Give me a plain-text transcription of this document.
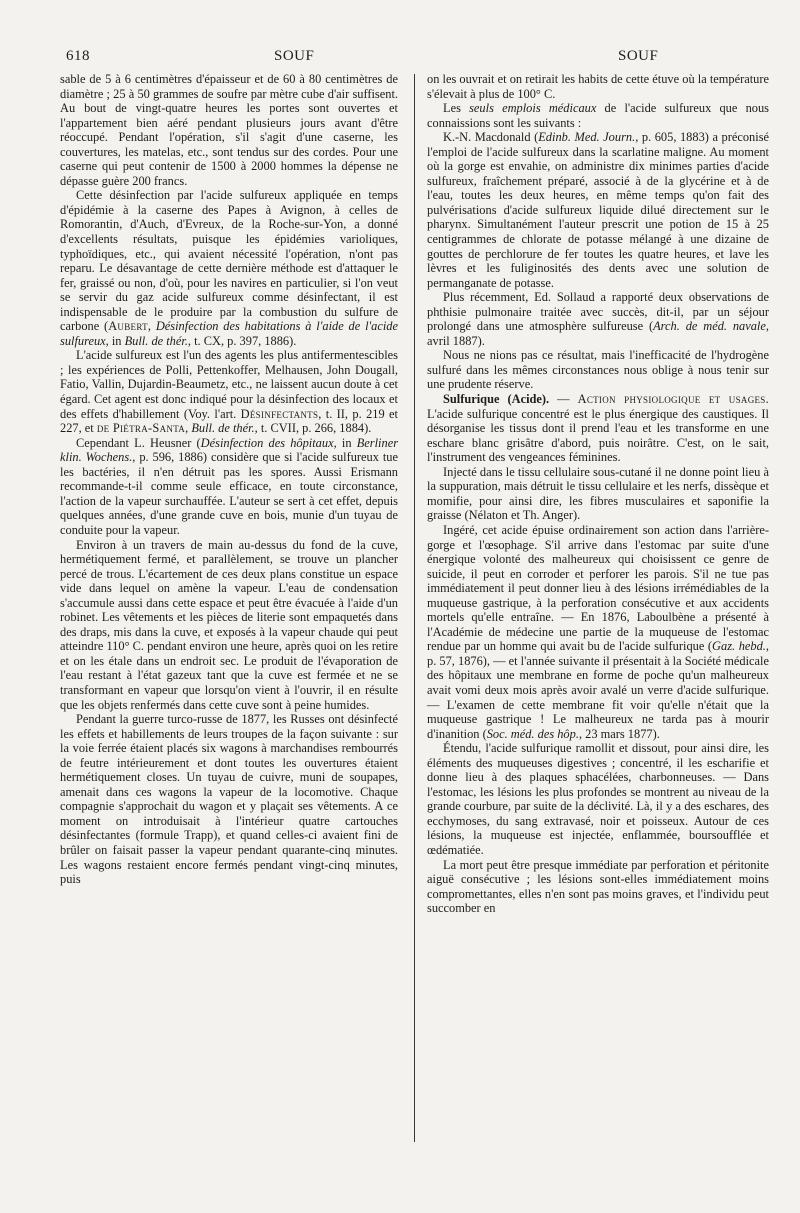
618	SOUF	SOUF

sable de 5 à 6 centimètres d'épaisseur et de 60 à 80 centimètres de diamètre ; 25 à 50 grammes de soufre par mètre cube d'air suffisent. Au bout de vingt-quatre heures les portes sont ouvertes et l'appartement bien aéré pendant plusieurs jours avant d'être réoccupé. Pendant l'opération, s'il s'agit d'une caserne, les couvertures, les matelas, etc., sont tendus sur des cordes. Pour une caserne qui peut contenir de 1500 à 2000 hommes la dépense ne dépasse guère 200 francs.

Cette désinfection par l'acide sulfureux appliquée en temps d'épidémie à la caserne des Papes à Avignon, à celles de Romorantin, d'Auch, d'Evreux, de la Roche-sur-Yon, a donné d'excellents résultats, puisque les épidémies varioliques, typhoïdiques, etc., qui avaient nécessité l'opération, n'ont pas reparu. Le désavantage de cette dernière méthode est d'attaquer le fer, graissé ou non, d'où, pour les navires en particulier, si l'on veut se servir du gaz acide sulfureux comme désinfectant, il est indispensable de le produire par la combustion du sulfure de carbone (Aubert, Désinfection des habitations à l'aide de l'acide sulfureux, in Bull. de thér., t. CX, p. 397, 1886).

L'acide sulfureux est l'un des agents les plus antifermentescibles ; les expériences de Polli, Pettenkoffer, Melhausen, John Dougall, Fatio, Vallin, Dujardin-Beaumetz, etc., ne laissent aucun doute à cet égard. Cet agent est donc indiqué pour la désinfection des locaux et des effets d'habillement (Voy. l'art. Désinfectants, t. II, p. 219 et 227, et de Piétra-Santa, Bull. de thér., t. CVII, p. 266, 1884).

Cependant L. Heusner (Désinfection des hôpitaux, in Berliner klin. Wochens., p. 596, 1886) considère que si l'acide sulfureux tue les bactéries, il n'en détruit pas les spores. Aussi Erismann recommande-t-il comme seule efficace, en toute circonstance, l'action de la vapeur surchauffée. L'auteur se sert à cet effet, depuis quelques années, d'une grande cuve en bois, munie d'un tuyau de conduite pour la vapeur.

Environ à un travers de main au-dessus du fond de la cuve, hermétiquement fermé, et parallèlement, se trouve un plancher percé de trous. L'écartement de ces deux plans constitue un espace vide dans lequel on amène la vapeur. L'eau de condensation s'accumule aussi dans cette espace et peut être évacuée à l'aide d'un robinet. Les vêtements et les pièces de literie sont empaquetés dans des draps, mis dans la cuve, et exposés à la vapeur chaude qui peut atteindre 110° C. pendant environ une heure, après quoi on les retire et on les étale dans un endroit sec. Le produit de l'évaporation de l'eau restant à l'état gazeux tant que la cuve est fermée et ne se transformant en vapeur que lorsqu'on vient à l'ouvrir, il en résulte que les objets renfermés dans cette cuve sont à peine humides.

Pendant la guerre turco-russe de 1877, les Russes ont désinfecté les effets et habillements de leurs troupes de la façon suivante : sur la voie ferrée étaient placés six wagons à marchandises rembourrés de feutre intérieurement et dont toutes les ouvertures étaient hermétiquement closes. Un tuyau de cuivre, muni de soupapes, amenait dans ces wagons la vapeur de la locomotive. Chaque compagnie s'approchait du wagon et y plaçait ses vêtements. A ce moment on introduisait à l'intérieur quatre cartouches désinfectantes (formule Trapp), et quand celles-ci avaient fini de brûler on faisait passer la vapeur pendant quarante-cinq minutes. Les wagons restaient encore fermés pendant vingt-cinq minutes, puis

on les ouvrait et on retirait les habits de cette étuve où la température s'élevait à plus de 100° C.

Les seuls emplois médicaux de l'acide sulfureux que nous connaissions sont les suivants :

K.-N. Macdonald (Edinb. Med. Journ., p. 605, 1883) a préconisé l'emploi de l'acide sulfureux dans la scarlatine maligne. Au moment où la gorge est envahie, on administre dix minimes parties d'acide sulfureux, fraîchement préparé, associé à de la glycérine et à de l'eau, toutes les deux heures, en même temps qu'on fait des pulvérisations d'acide sulfureux liquide dilué directement sur le pharynx. Simultanément l'auteur prescrit une potion de 15 à 25 centigrammes de chlorate de potasse mélangé à une dizaine de gouttes de perchlorure de fer toutes les quatre heures, et lave les lèvres et les fuliginosités des dents avec une solution de permanganate de potasse.

Plus récemment, Ed. Sollaud a rapporté deux observations de phthisie pulmonaire traitée avec succès, dit-il, par un séjour prolongé dans une atmosphère sulfureuse (Arch. de méd. navale, avril 1887).

Nous ne nions pas ce résultat, mais l'inefficacité de l'hydrogène sulfuré dans les mêmes circonstances nous oblige à nous tenir sur une prudente réserve.

Sulfurique (Acide). — Action physiologique et usages. L'acide sulfurique concentré est le plus énergique des caustiques. Il désorganise les tissus dont il prend l'eau et les transforme en une eschare blanc grisâtre d'abord, puis noirâtre. C'est, on le sait, l'instrument des vengeances féminines.

Injecté dans le tissu cellulaire sous-cutané il ne donne point lieu à la suppuration, mais détruit le tissu cellulaire et les nerfs, dissèque et momifie, pour ainsi dire, les fibres musculaires et saponifie la graisse (Nélaton et Th. Anger).

Ingéré, cet acide épuise ordinairement son action dans l'arrière-gorge et l'œsophage. S'il arrive dans l'estomac par suite d'une énergique volonté des malheureux qui choisissent ce genre de suicide, il peut en corroder et perforer les parois. S'il ne tue pas immédiatement il peut donner lieu à des lésions irrémédiables de la muqueuse gastrique, à la perforation consécutive et aux accidents mortels qu'elle entraîne. — En 1876, Laboulbène a présenté à l'Académie de médecine une partie de la muqueuse de l'estomac rendue par un homme qui avait bu de l'acide sulfurique (Gaz. hebd., p. 57, 1876), — et l'année suivante il présentait à la Société médicale des hôpitaux une membrane en forme de poche qu'un malheureux avait vomi deux mois après avoir avalé un verre d'acide sulfurique. — L'examen de cette membrane fit voir qu'elle n'était que la muqueuse gastrique ! Le malheureux ne tarda pas à mourir d'inanition (Soc. méd. des hôp., 23 mars 1877).

Étendu, l'acide sulfurique ramollit et dissout, pour ainsi dire, les éléments des muqueuses digestives ; concentré, il les escharifie et donne lieu à des plaques sphacélées, charbonneuses. — Dans l'estomac, les lésions les plus profondes se montrent au niveau de la grande courbure, par suite de la déclivité. Là, il y a des eschares, des ecchymoses, du sang extravasé, noir et poisseux. Autour de ces lésions, la muqueuse est injectée, enflammée, boursoufflée et œdématiée.

La mort peut être presque immédiate par perforation et péritonite aiguë consécutive ; les lésions sont-elles immédiatement moins compromettantes, elles n'en sont pas moins graves, et l'individu peut succomber en
